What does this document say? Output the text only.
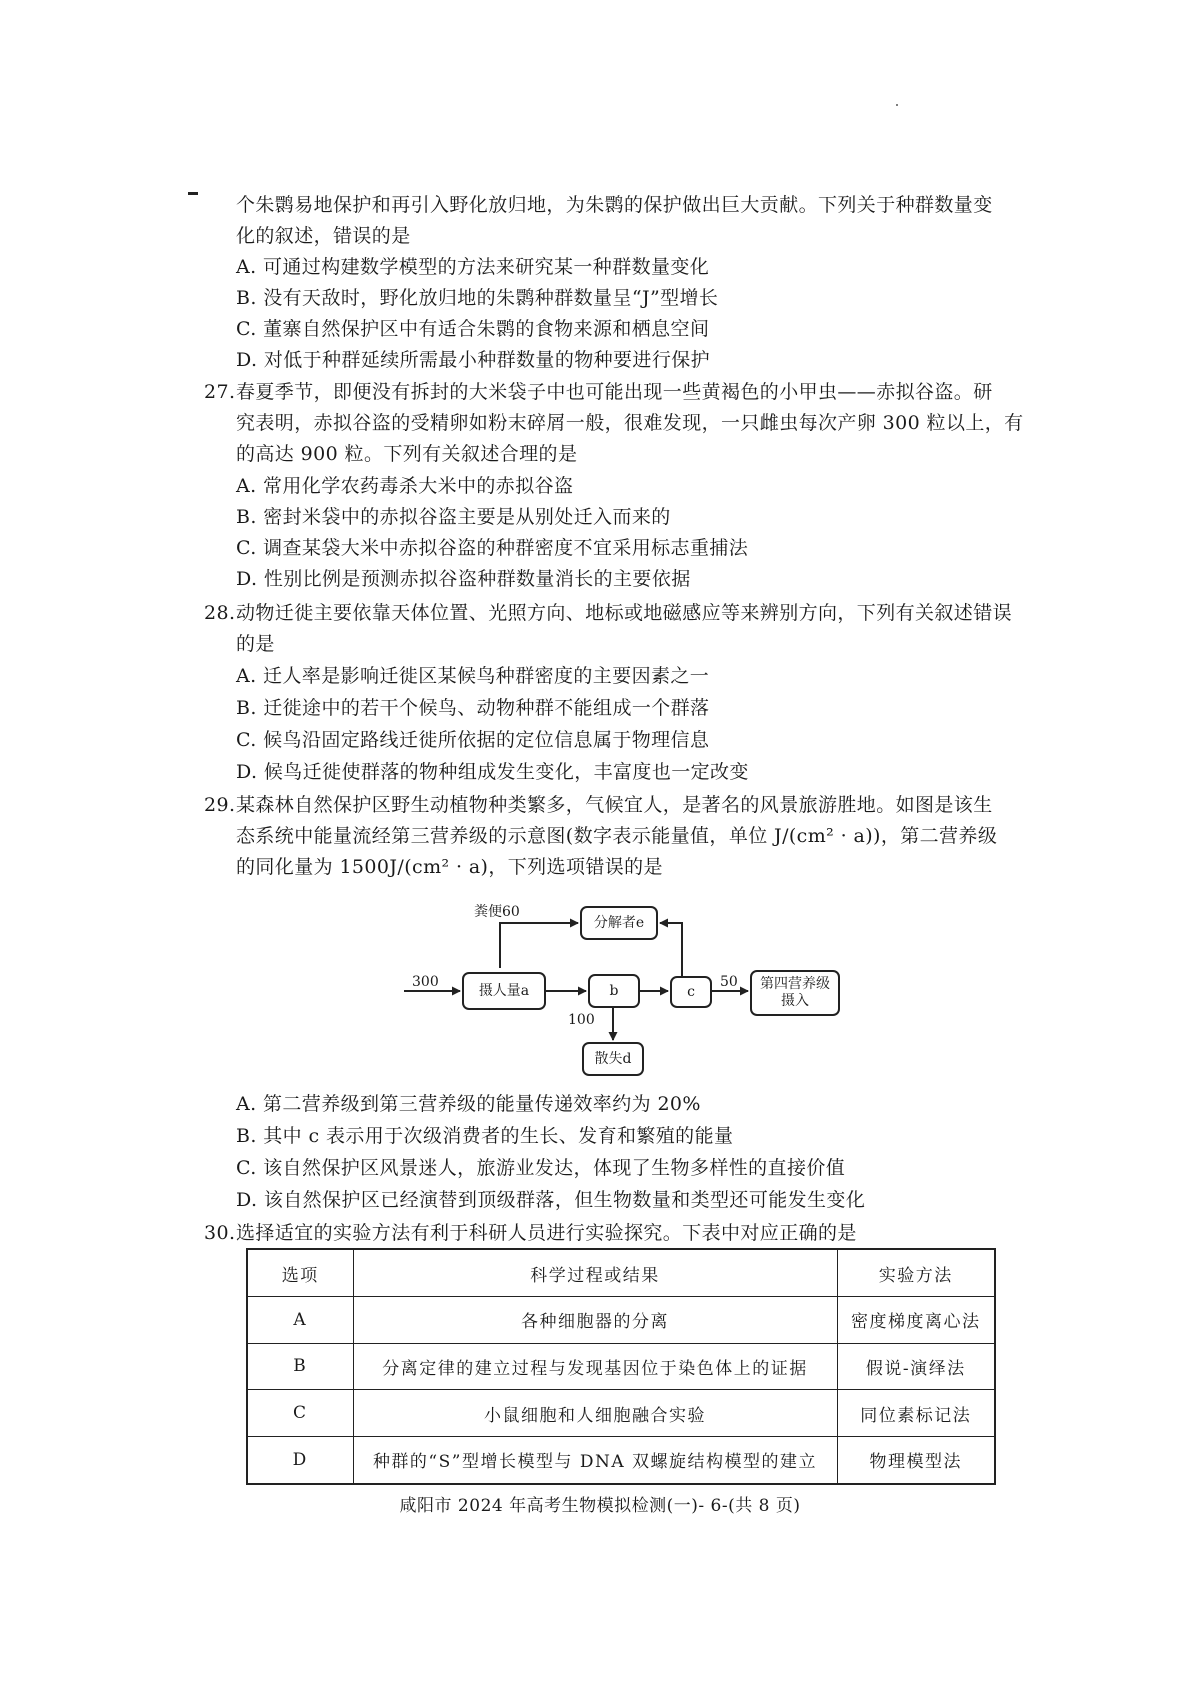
个朱鹮易地保护和再引入野化放归地，为朱鹮的保护做出巨大贡献。下列关于种群数量变
化的叙述，错误的是
A. 可通过构建数学模型的方法来研究某一种群数量变化
B. 没有天敌时，野化放归地的朱鹮种群数量呈“J”型增长
C. 董寨自然保护区中有适合朱鹮的食物来源和栖息空间
D. 对低于种群延续所需最小种群数量的物种要进行保护
27. 春夏季节，即便没有拆封的大米袋子中也可能出现一些黄褐色的小甲虫——赤拟谷盗。研
究表明，赤拟谷盗的受精卵如粉末碎屑一般，很难发现，一只雌虫每次产卵 300 粒以上，有
的高达 900 粒。下列有关叙述合理的是
A. 常用化学农药毒杀大米中的赤拟谷盗
B. 密封米袋中的赤拟谷盗主要是从别处迁入而来的
C. 调查某袋大米中赤拟谷盗的种群密度不宜采用标志重捕法
D. 性别比例是预测赤拟谷盗种群数量消长的主要依据
28. 动物迁徙主要依靠天体位置、光照方向、地标或地磁感应等来辨别方向，下列有关叙述错误
的是
A. 迁人率是影响迁徙区某候鸟种群密度的主要因素之一
B. 迁徙途中的若干个候鸟、动物种群不能组成一个群落
C. 候鸟沿固定路线迁徙所依据的定位信息属于物理信息
D. 候鸟迁徙使群落的物种组成发生变化，丰富度也一定改变
29. 某森林自然保护区野生动植物种类繁多，气候宜人，是著名的风景旅游胜地。如图是该生
态系统中能量流经第三营养级的示意图(数字表示能量值，单位 J/(cm² · a))，第二营养级
的同化量为 1500J/(cm² · a)，下列选项错误的是
300
粪便60
分解者e
摄人量a	b	c
50 第四营养级
摄入
100
散失d
A. 第二营养级到第三营养级的能量传递效率约为 20%
B. 其中 c 表示用于次级消费者的生长、发育和繁殖的能量
C. 该自然保护区风景迷人，旅游业发达，体现了生物多样性的直接价值
D. 该自然保护区已经演替到顶级群落，但生物数量和类型还可能发生变化
30. 选择适宜的实验方法有利于科研人员进行实验探究。下表中对应正确的是
选项	科学过程或结果	实验方法
A	各种细胞器的分离	密度梯度离心法
B	分离定律的建立过程与发现基因位于染色体上的证据	假说-演绎法
C	小鼠细胞和人细胞融合实验	同位素标记法
D	种群的“S”型增长模型与 DNA 双螺旋结构模型的建立	物理模型法
咸阳市 2024 年高考生物模拟检测(一)- 6-(共 8 页)
